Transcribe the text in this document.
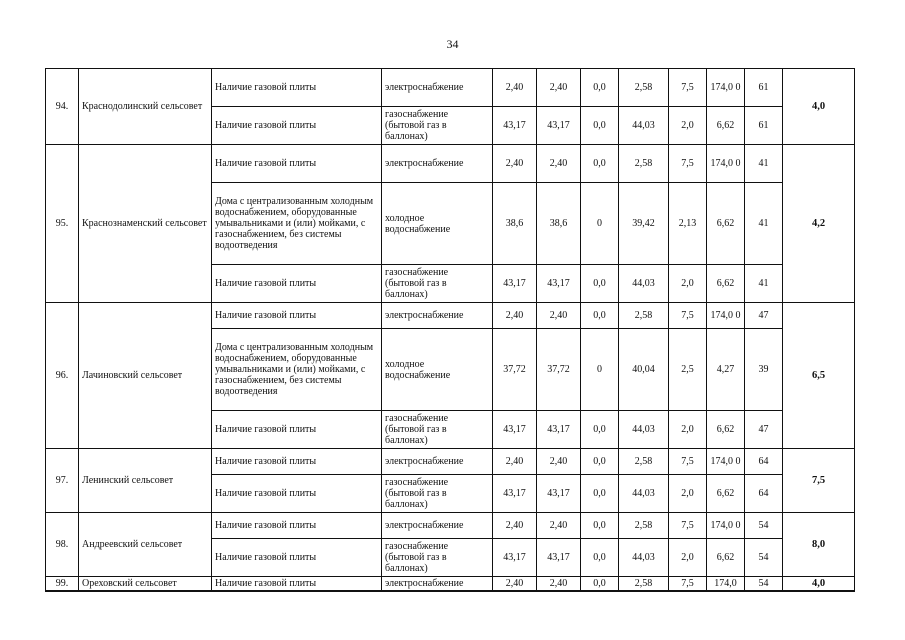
34
94.	Краснодолинский сельсовет	Наличие газовой плиты	электроснабжение	2,40	2,40	0,0	2,58	7,5	174,0 0	61	4,0
		Наличие газовой плиты	газоснабжение (бытовой газ в баллонах)	43,17	43,17	0,0	44,03	2,0	6,62	61	
95.	Краснознаменский сельсовет	Наличие газовой плиты	электроснабжение	2,40	2,40	0,0	2,58	7,5	174,0 0	41	4,2
		Дома с централизованным холодным водоснабжением, оборудованные умывальниками и (или) мойками, с газоснабжением, без системы водоотведения	холодное водоснабжение	38,6	38,6	0	39,42	2,13	6,62	41	
		Наличие газовой плиты	газоснабжение (бытовой газ в баллонах)	43,17	43,17	0,0	44,03	2,0	6,62	41	
96.	Лачиновский сельсовет	Наличие газовой плиты	электроснабжение	2,40	2,40	0,0	2,58	7,5	174,0 0	47	6,5
		Дома с централизованным холодным водоснабжением, оборудованные умывальниками и (или) мойками, с газоснабжением, без системы водоотведения	холодное водоснабжение	37,72	37,72	0	40,04	2,5	4,27	39	
		Наличие газовой плиты	газоснабжение (бытовой газ в баллонах)	43,17	43,17	0,0	44,03	2,0	6,62	47	
97.	Ленинский сельсовет	Наличие газовой плиты	электроснабжение	2,40	2,40	0,0	2,58	7,5	174,0 0	64	7,5
		Наличие газовой плиты	газоснабжение (бытовой газ в баллонах)	43,17	43,17	0,0	44,03	2,0	6,62	64	
98.	Андреевский сельсовет	Наличие газовой плиты	электроснабжение	2,40	2,40	0,0	2,58	7,5	174,0 0	54	8,0
		Наличие газовой плиты	газоснабжение (бытовой газ в баллонах)	43,17	43,17	0,0	44,03	2,0	6,62	54	
99.	Ореховский сельсовет	Наличие газовой плиты	электроснабжение	2,40	2,40	0,0	2,58	7,5	174,0	54	4,0
